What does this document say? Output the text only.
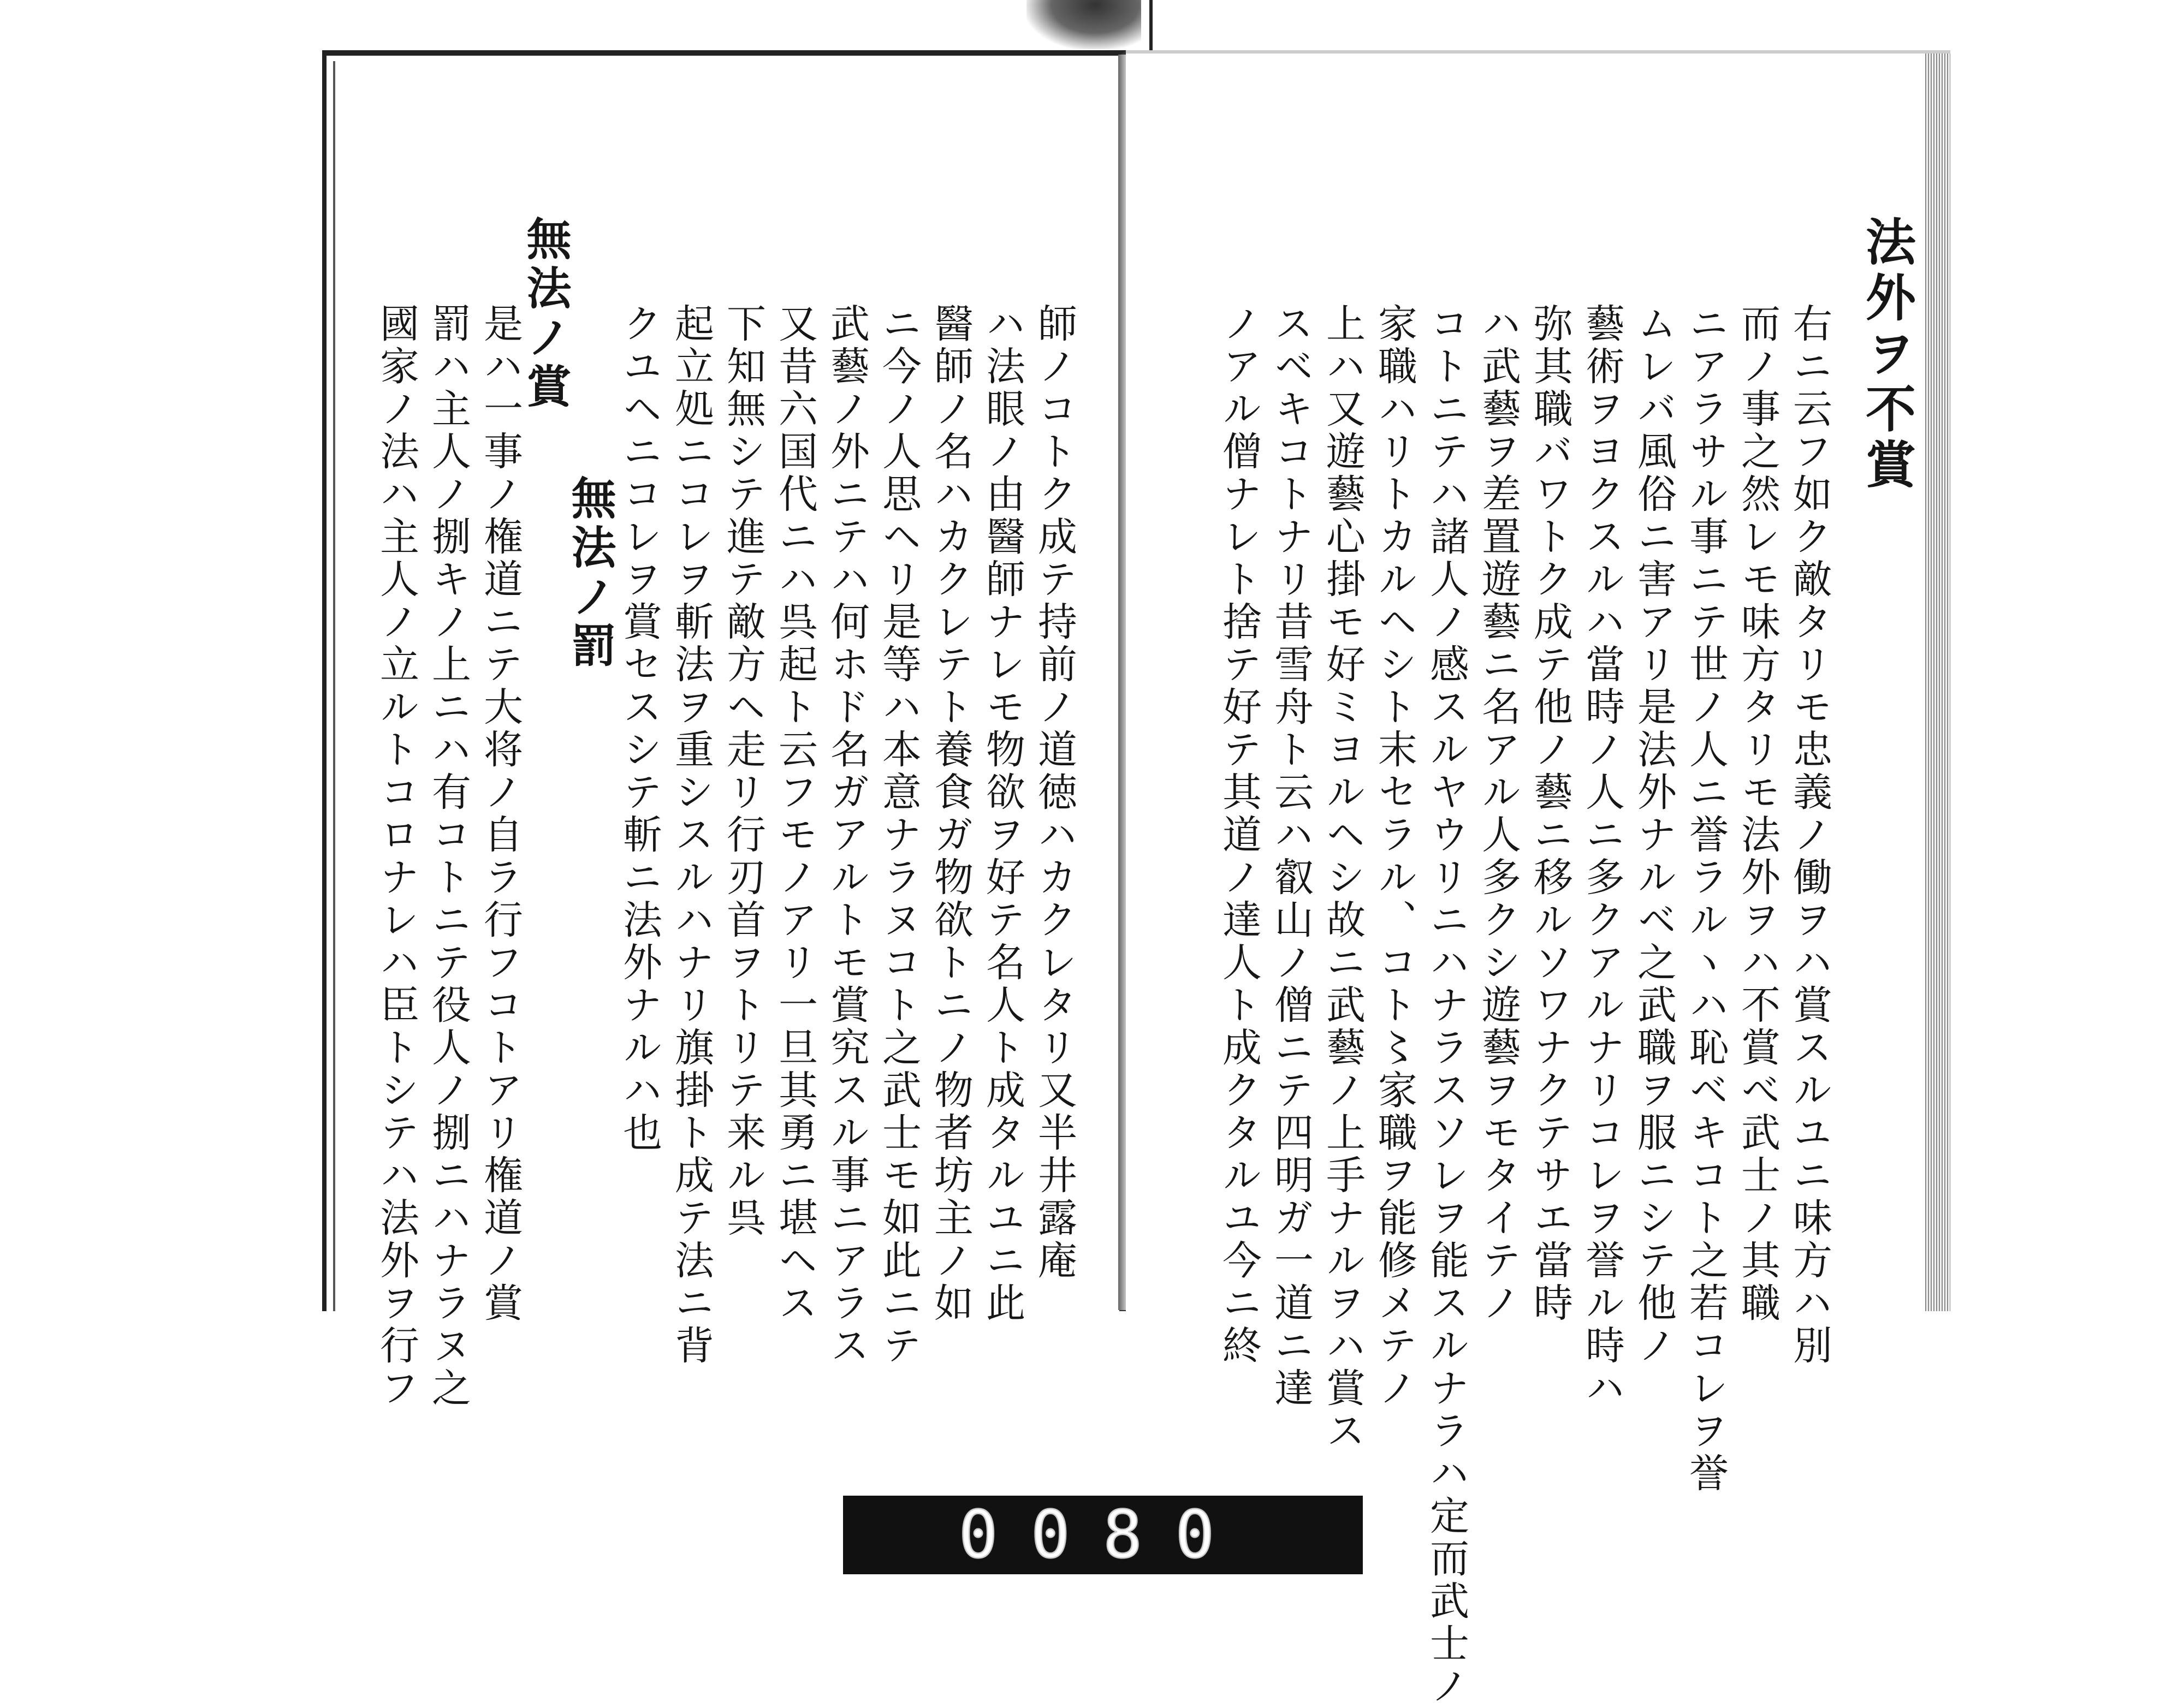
法外ヲ不賞
右ニ云フ如ク敵タリモ忠義ノ働ヲハ賞スルユニ味方ハ別
而ノ事之然レモ味方タリモ法外ヲハ不賞べ武士ノ其職
ニアラサル事ニテ世ノ人ニ誉ラルヽハ恥ベキコト之若コレヲ誉
ムレバ風俗ニ害アリ是法外ナルベ之武職ヲ服ニシテ他ノ
藝術ヲヨクスルハ當時ノ人ニ多クアルナリコレヲ誉ル時ハ
弥其職バワトク成テ他ノ藝ニ移ルソワナクテサエ當時
ハ武藝ヲ差置遊藝ニ名アル人多クシ遊藝ヲモタイテノ
コトニテハ諸人ノ感スルヤウリニハナラスソレヲ能スルナラハ定而武士ノ
家職ハリトカルヘシト末セラル、コト〻家職ヲ能修メテノ
上ハ又遊藝心掛モ好ミヨルヘシ故ニ武藝ノ上手ナルヲハ賞ス
スベキコトナリ昔雪舟ト云ハ叡山ノ僧ニテ四明ガ一道ニ達
ノアル僧ナレト捨テ好テ其道ノ達人ト成クタルユ今ニ終
師ノコトク成テ持前ノ道徳ハカクレタリ又半井露庵
ハ法眼ノ由醫師ナレモ物欲ヲ好テ名人ト成タルユニ此
醫師ノ名ハカクレテト養食ガ物欲トニノ物者坊主ノ如
ニ今ノ人思ヘリ是等ハ本意ナラヌコト之武士モ如此ニテ
武藝ノ外ニテハ何ホド名ガアルトモ賞究スル事ニアラス
又昔六国代ニハ呉起ト云フモノアリ一旦其勇ニ堪ヘス
下知無シテ進テ敵方ヘ走リ行刃首ヲトリテ来ル呉
起立処ニコレヲ斬法ヲ重シスルハナリ旗掛ト成テ法ニ背
クユヘニコレヲ賞セスシテ斬ニ法外ナルハ也
無法ノ罰
無法ノ賞
是ハ一事ノ権道ニテ大将ノ自ラ行フコトアリ権道ノ賞
罰ハ主人ノ捌キノ上ニハ有コトニテ役人ノ捌ニハナラヌ之
國家ノ法ハ主人ノ立ルトコロナレハ臣トシテハ法外ヲ行フ
0080
